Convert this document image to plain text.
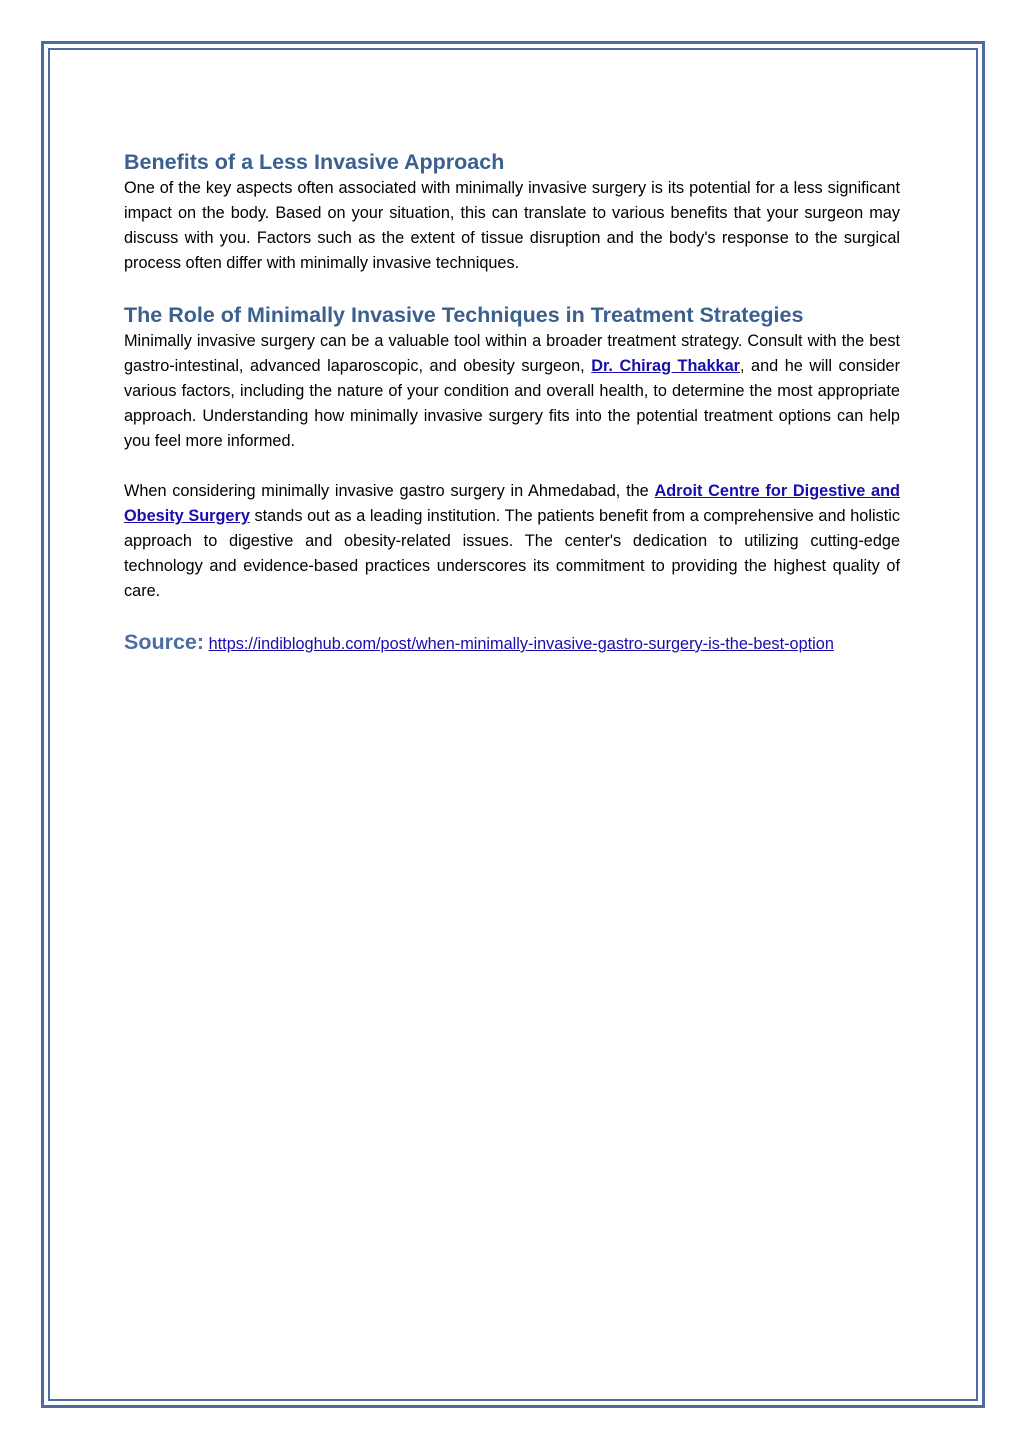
Benefits of a Less Invasive Approach

One of the key aspects often associated with minimally invasive surgery is its potential for a less significant impact on the body. Based on your situation, this can translate to various benefits that your surgeon may discuss with you. Factors such as the extent of tissue disruption and the body's response to the surgical process often differ with minimally invasive techniques.

The Role of Minimally Invasive Techniques in Treatment Strategies

Minimally invasive surgery can be a valuable tool within a broader treatment strategy. Consult with the best gastro-intestinal, advanced laparoscopic, and obesity surgeon, Dr. Chirag Thakkar, and he will consider various factors, including the nature of your condition and overall health, to determine the most appropriate approach. Understanding how minimally invasive surgery fits into the potential treatment options can help you feel more informed.

When considering minimally invasive gastro surgery in Ahmedabad, the Adroit Centre for Digestive and Obesity Surgery stands out as a leading institution. The patients benefit from a comprehensive and holistic approach to digestive and obesity-related issues. The center's dedication to utilizing cutting-edge technology and evidence-based practices underscores its commitment to providing the highest quality of care.

Source: https://indibloghub.com/post/when-minimally-invasive-gastro-surgery-is-the-best-option
